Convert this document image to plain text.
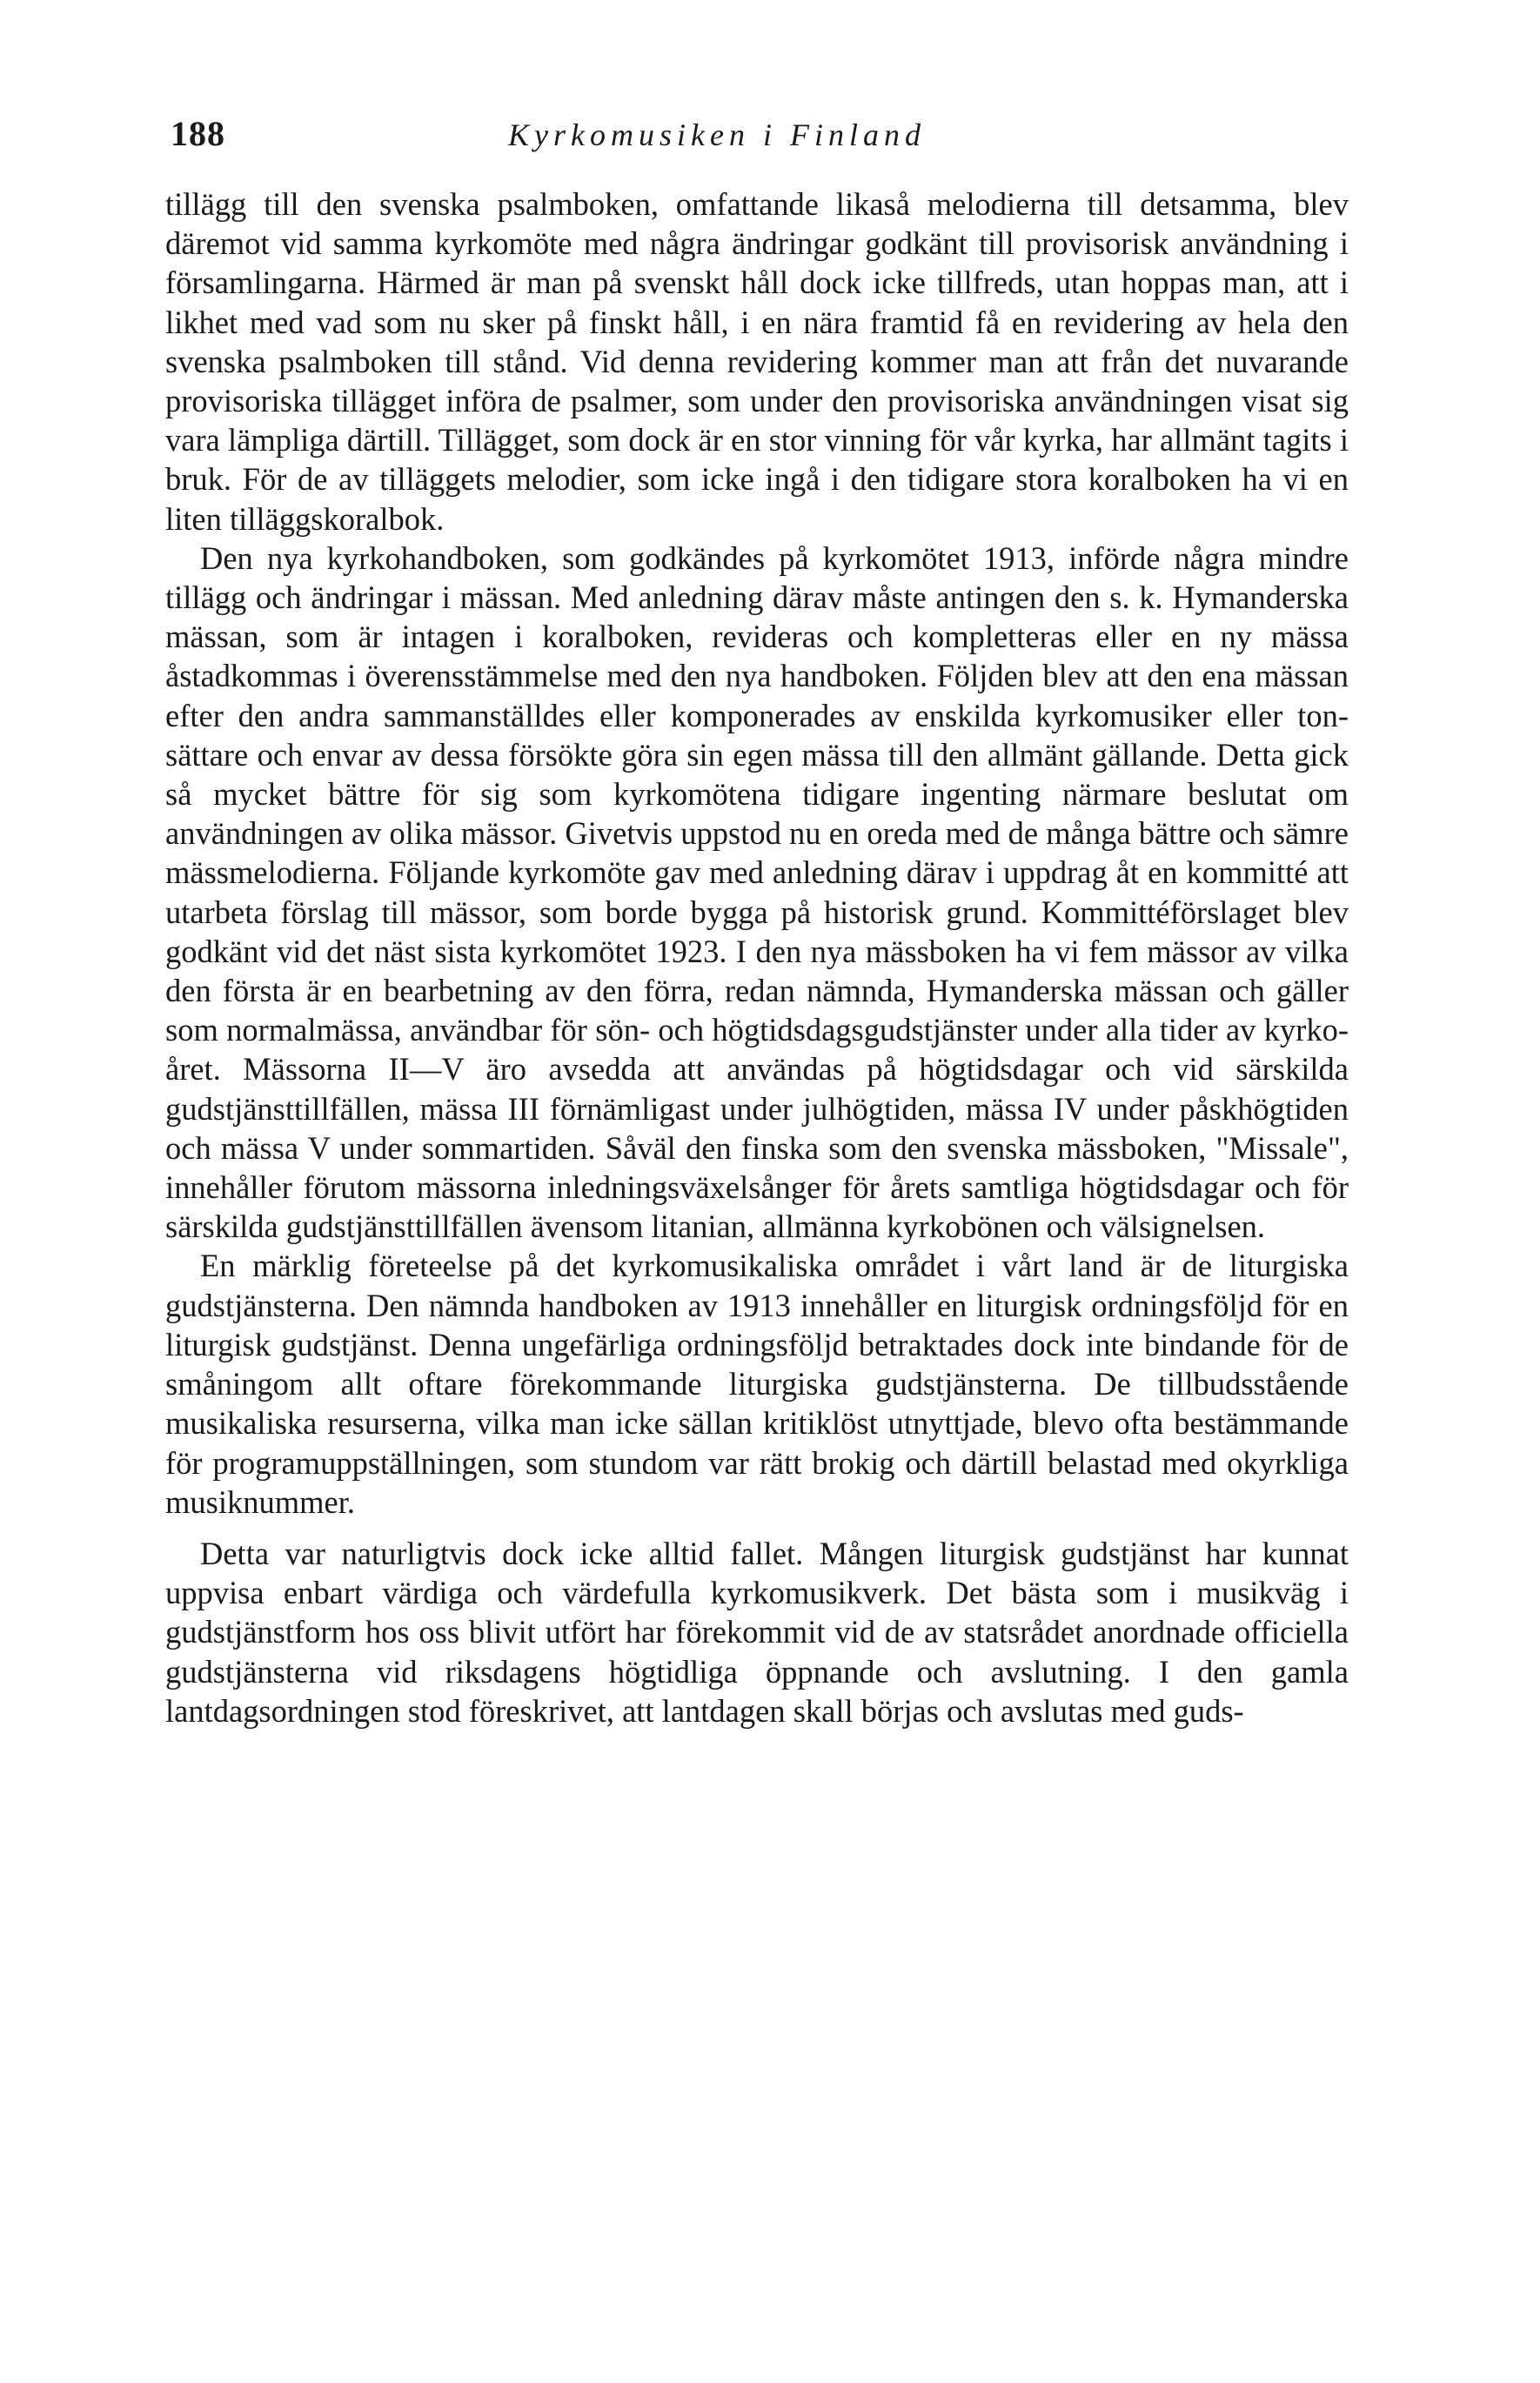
188	Kyrkomusiken i Finland

tillägg till den svenska psalmboken, omfattande likaså melodierna till detsamma, blev däremot vid samma kyrkomöte med några ändringar godkänt till provisorisk användning i församlingarna. Härmed är man på svenskt håll dock icke tillfreds, utan hoppas man, att i likhet med vad som nu sker på finskt håll, i en nära framtid få en revidering av hela den svenska psalmboken till stånd. Vid denna revidering kommer man att från det nuvarande provisoriska tillägget införa de psalmer, som under den provisoriska användningen visat sig vara lämpliga därtill. Tillägget, som dock är en stor vinning för vår kyrka, har allmänt tagits i bruk. För de av tilläggets melodier, som icke ingå i den tidigare stora koralboken ha vi en liten tilläggskoralbok.

Den nya kyrkohandboken, som godkändes på kyrkomötet 1913, införde några mindre tillägg och ändringar i mässan. Med anledning därav måste antingen den s. k. Hymanderska mässan, som är intagen i koralboken, revideras och kompletteras eller en ny mässa åstadkommas i överensstämmelse med den nya handboken. Följden blev att den ena mässan efter den andra sammanställdes eller komponerades av enskilda kyrkomusiker eller tonsättare och envar av dessa försökte göra sin egen mässa till den allmänt gällande. Detta gick så mycket bättre för sig som kyrkomötena tidigare ingenting närmare beslutat om användningen av olika mässor. Givetvis uppstod nu en oreda med de många bättre och sämre mässmelodierna. Följande kyrkomöte gav med anledning därav i uppdrag åt en kommitté att utarbeta förslag till mässor, som borde bygga på historisk grund. Kommittéförslaget blev godkänt vid det näst sista kyrkomötet 1923. I den nya mässboken ha vi fem mässor av vilka den första är en bearbetning av den förra, redan nämnda, Hymanderska mässan och gäller som normalmässa, användbar för sön- och högtidsdagsgudstjänster under alla tider av kyrkoåret. Mässorna II—V äro avsedda att användas på högtidsdagar och vid särskilda gudstjänsttillfällen, mässa III förnämligast under julhögtiden, mässa IV under påskhögtiden och mässa V under sommartiden. Såväl den finska som den svenska mässboken, "Missale", innehåller förutom mässorna inledningsväxelsånger för årets samtliga högtidsdagar och för särskilda gudstjänsttillfällen ävensom litanian, allmänna kyrkobönen och välsignelsen.

En märklig företeelse på det kyrkomusikaliska området i vårt land är de liturgiska gudstjänsterna. Den nämnda handboken av 1913 innehåller en liturgisk ordningsföljd för en liturgisk gudstjänst. Denna ungefärliga ordningsföljd betraktades dock inte bindande för de småningom allt oftare förekommande liturgiska gudstjänsterna. De tillbudsstående musikaliska resurserna, vilka man icke sällan kritiklöst utnyttjade, blevo ofta bestämmande för programuppställningen, som stundom var rätt brokig och därtill belastad med okyrkliga musiknummer.

Detta var naturligtvis dock icke alltid fallet. Mången liturgisk gudstjänst har kunnat uppvisa enbart värdiga och värdefulla kyrkomusikverk. Det bästa som i musikväg i gudstjänstform hos oss blivit utfört har förekommit vid de av statsrådet anordnade officiella gudstjänsterna vid riksdagens högtidliga öppnande och avslutning. I den gamla lantdagsordningen stod föreskrivet, att lantdagen skall börjas och avslutas med guds-
